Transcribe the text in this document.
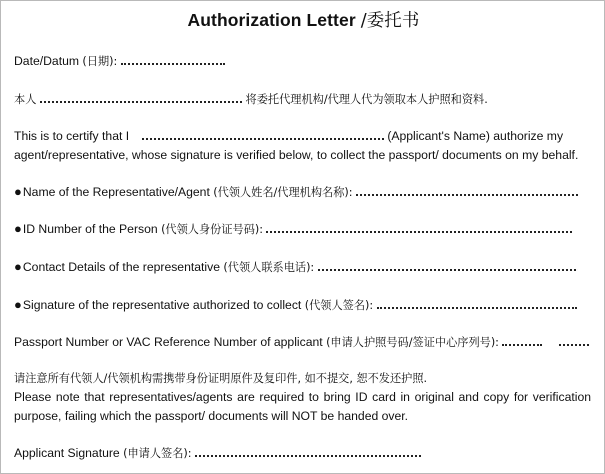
Authorization Letter /委托书
Date/Datum (日期):
本人	将委托代理机构/代理人代为领取本人护照和资料.
This is to certify that I	(Applicant's Name) authorize my
agent/representative, whose signature is verified below, to collect the passport/ documents on my behalf.
●Name of the Representative/Agent (代领人姓名/代理机构名称):
●ID Number of the Person (代领人身份证号码):
●Contact Details of the representative (代领人联系电话):
●Signature of the representative authorized to collect (代领人签名):
Passport Number or VAC Reference Number of applicant (申请人护照号码/签证中心序列号):
请注意所有代领人/代领机构需携带身份证明原件及复印件, 如不提交, 恕不发还护照.
Please note that representatives/agents are required to bring ID card in original and copy for verification purpose, failing which the passport/ documents will NOT be handed over.
Applicant Signature (申请人签名):
